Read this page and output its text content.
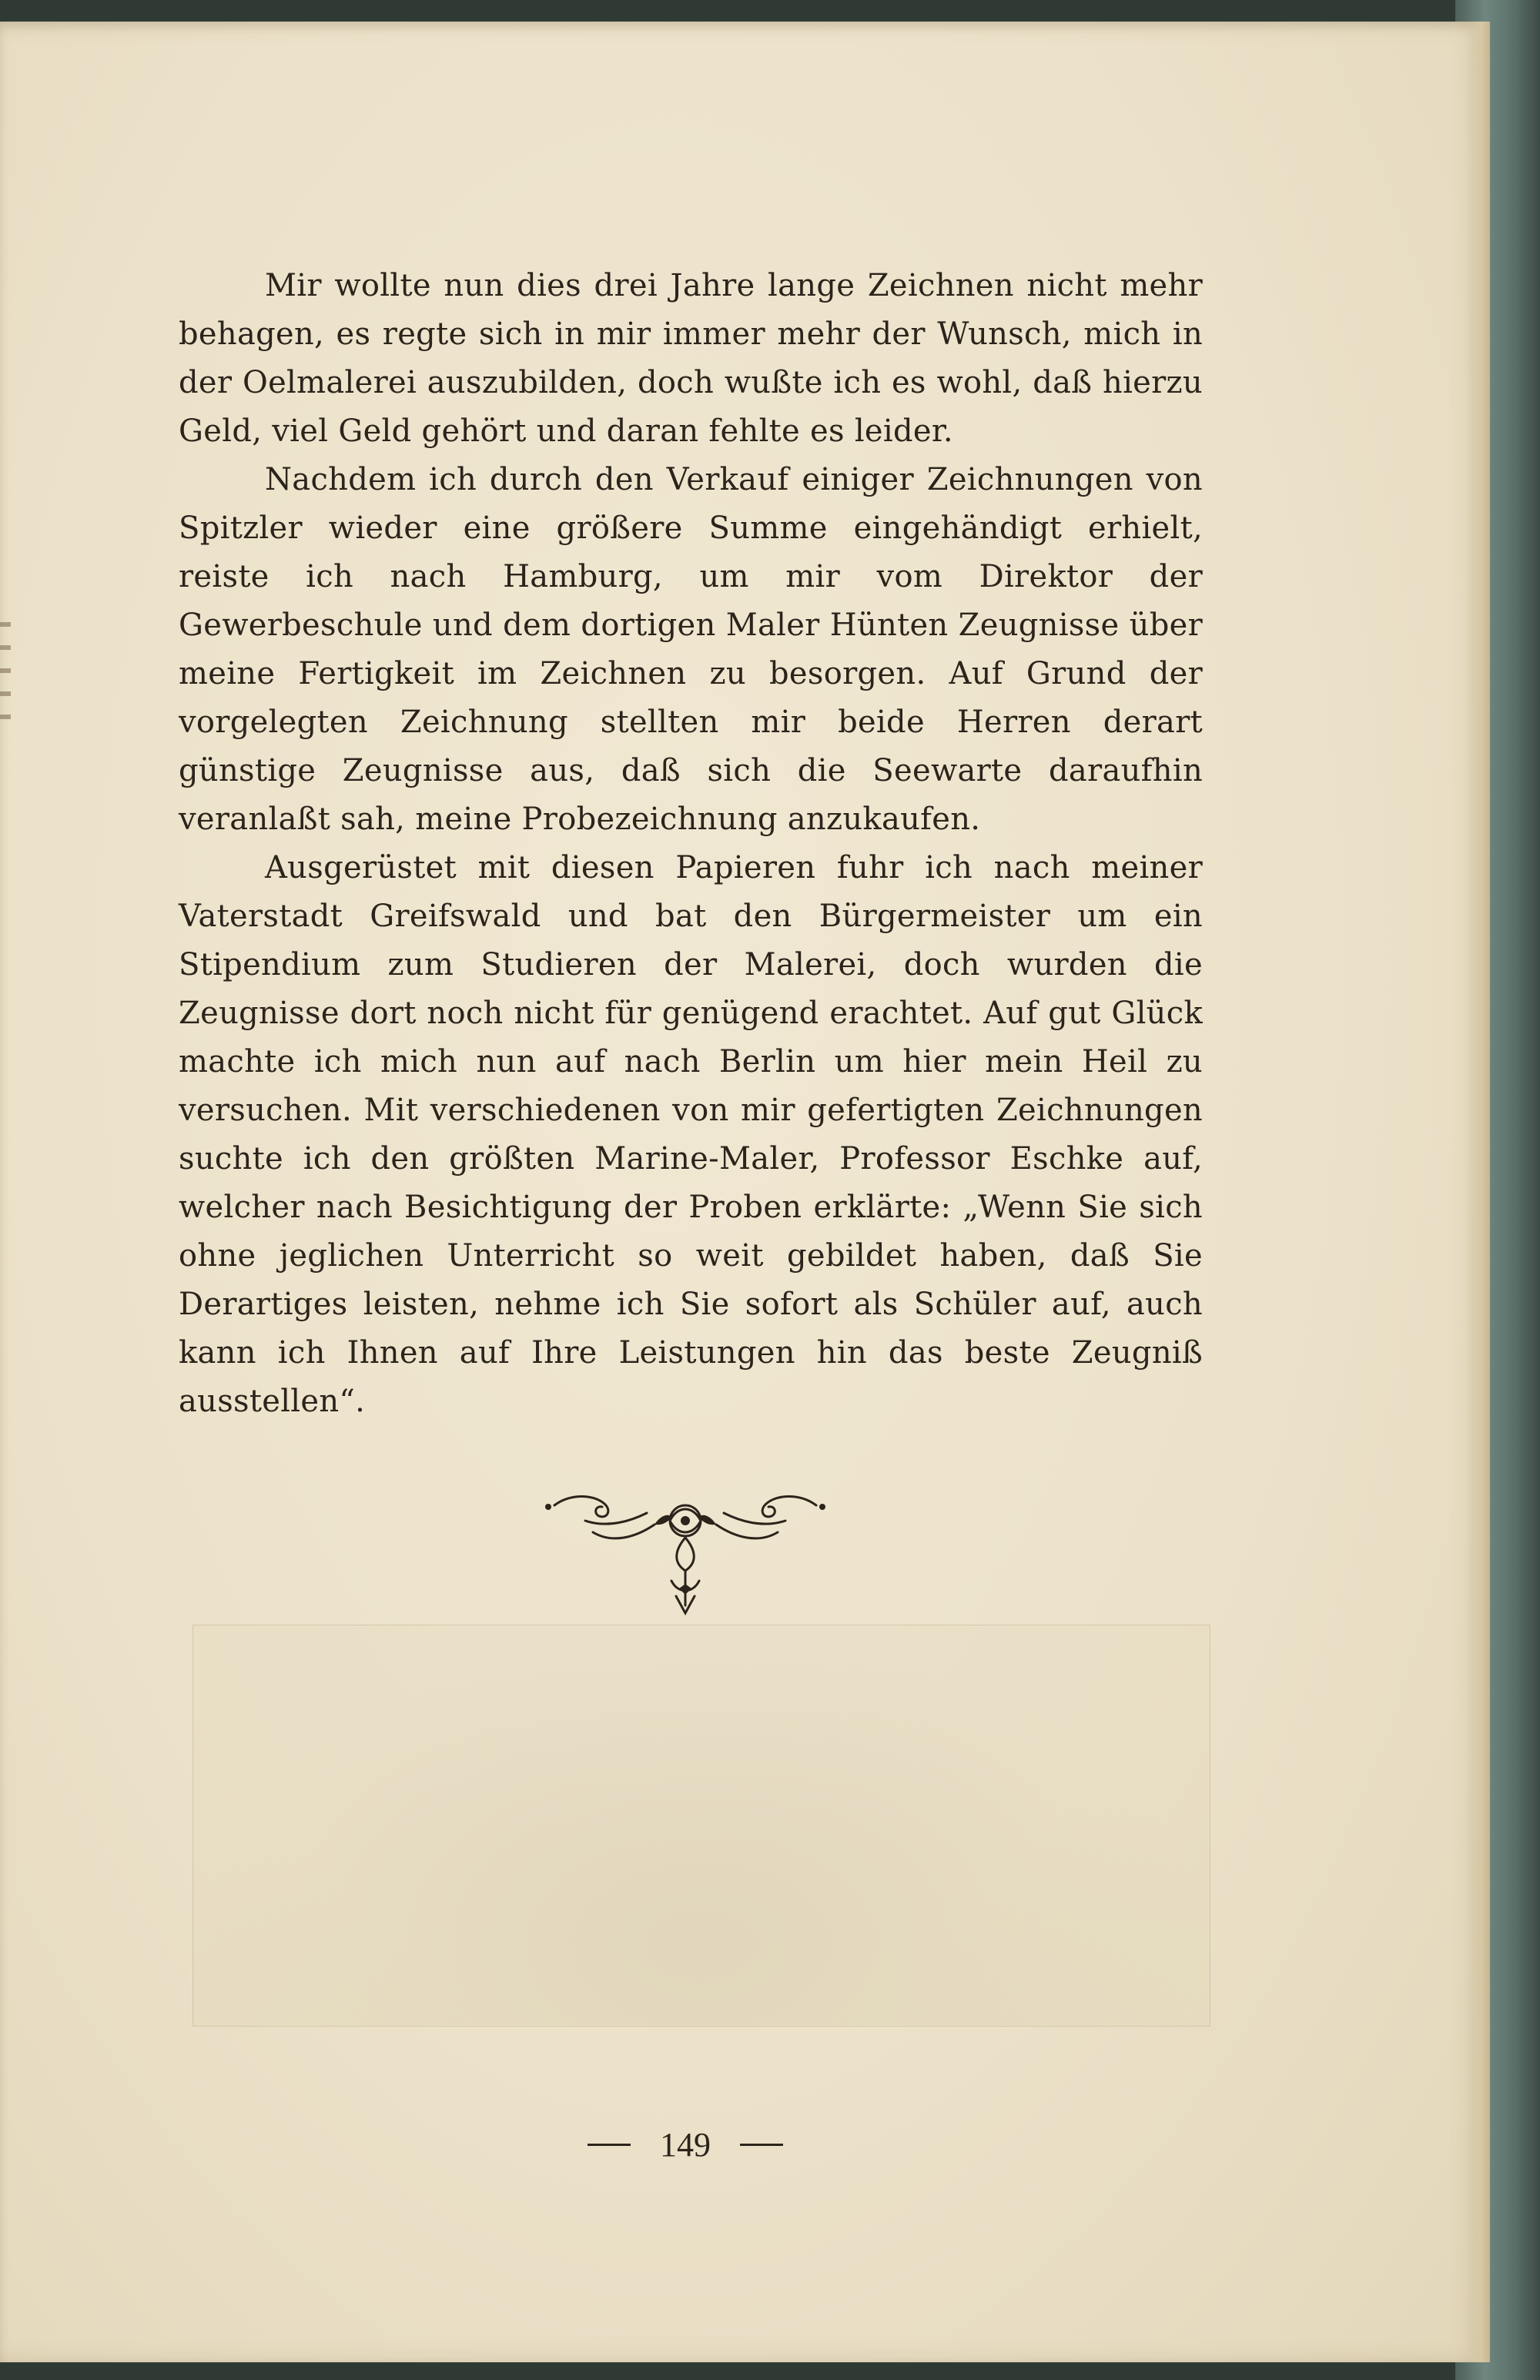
Mir wollte nun dies drei Jahre lange Zeichnen nicht mehr behagen, es regte sich in mir immer mehr der Wunsch, mich in der Oelmalerei auszubilden, doch wußte ich es wohl, daß hierzu Geld, viel Geld gehört und daran fehlte es leider.

Nachdem ich durch den Verkauf einiger Zeichnungen von Spitzler wieder eine größere Summe eingehändigt erhielt, reiste ich nach Hamburg, um mir vom Direktor der Gewerbeschule und dem dortigen Maler Hünten Zeugnisse über meine Fertigkeit im Zeichnen zu besorgen. Auf Grund der vorgelegten Zeichnung stellten mir beide Herren derart günstige Zeugnisse aus, daß sich die Seewarte daraufhin veranlaßt sah, meine Probezeichnung anzukaufen.

Ausgerüstet mit diesen Papieren fuhr ich nach meiner Vaterstadt Greifswald und bat den Bürgermeister um ein Stipendium zum Studieren der Malerei, doch wurden die Zeugnisse dort noch nicht für genügend erachtet. Auf gut Glück machte ich mich nun auf nach Berlin um hier mein Heil zu versuchen. Mit verschiedenen von mir gefertigten Zeichnungen suchte ich den größten Marine-Maler, Professor Eschke auf, welcher nach Besichtigung der Proben erklärte: „Wenn Sie sich ohne jeglichen Unterricht so weit gebildet haben, daß Sie Derartiges leisten, nehme ich Sie sofort als Schüler auf, auch kann ich Ihnen auf Ihre Leistungen hin das beste Zeugniß ausstellen“.

149
